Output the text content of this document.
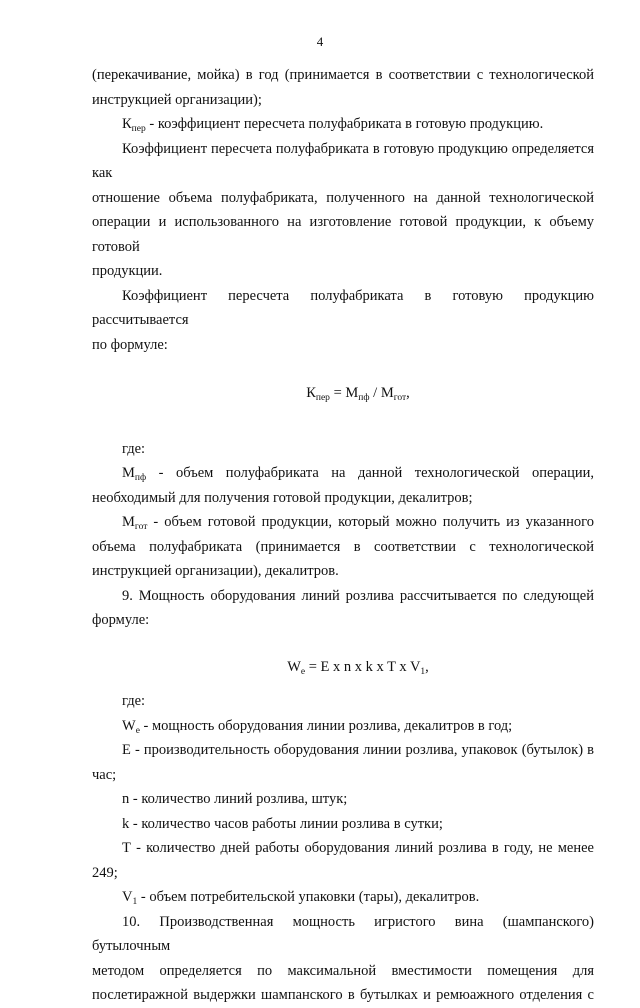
4

(перекачивание, мойка) в год (принимается в соответствии с технологической

инструкцией организации);

$К_{пер}$ - коэффициент пересчета полуфабриката в готовую продукцию.

Коэффициент пересчета полуфабриката в готовую продукцию определяется как

отношение объема полуфабриката, полученного на данной технологической

операции и использованного на изготовление готовой продукции, к объему готовой

продукции.

Коэффициент пересчета полуфабриката в готовую продукцию рассчитывается

по формуле:

$К_{пер} = М_{пф} / М_{гот}$,

где:

$М_{пф}$ - объем полуфабриката на данной технологической операции,

необходимый для получения готовой продукции, декалитров;

$М_{гот}$ - объем готовой продукции, который можно получить из указанного

объема полуфабриката (принимается в соответствии с технологической

инструкцией организации), декалитров.

9. Мощность оборудования линий розлива рассчитывается по следующей

формуле:

$W_e = E$ x n x k x T x $V_1$,

где:

$W_e$ - мощность оборудования линии розлива, декалитров в год;

Е - производительность оборудования линии розлива, упаковок (бутылок) в час;

n - количество линий розлива, штук;

k - количество часов работы линии розлива в сутки;

Т - количество дней работы оборудования линий розлива в году, не менее 249;

$V_1$ - объем потребительской упаковки (тары), декалитров.

10. Производственная мощность игристого вина (шампанского) бутылочным

методом определяется по максимальной вместимости помещения для

послетиражной выдержки шампанского в бутылках и ремюажного отделения с
